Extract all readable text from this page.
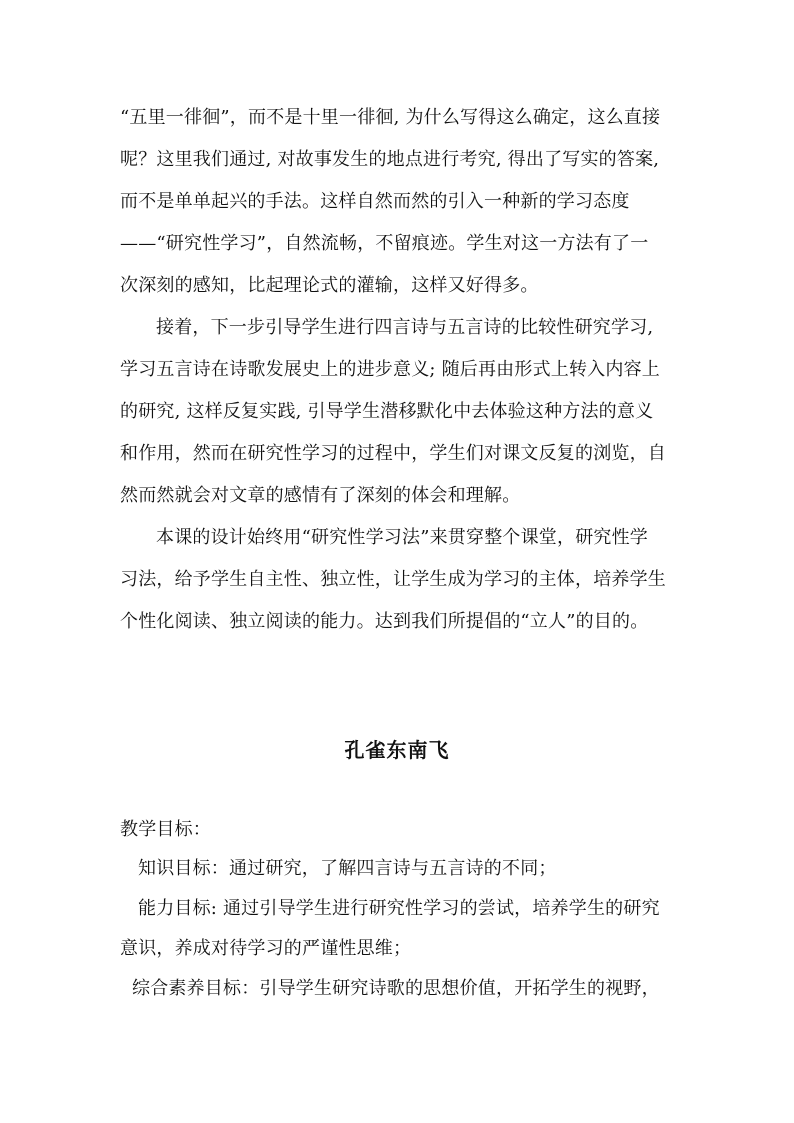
“五里一徘徊”，而不是十里一徘徊, 为什么写得这么确定，这么直接
呢？这里我们通过, 对故事发生的地点进行考究, 得出了写实的答案,
而不是单单起兴的手法。这样自然而然的引入一种新的学习态度
——“研究性学习”，自然流畅，不留痕迹。学生对这一方法有了一
次深刻的感知，比起理论式的灌输，这样又好得多。
接着，下一步引导学生进行四言诗与五言诗的比较性研究学习,
学习五言诗在诗歌发展史上的进步意义; 随后再由形式上转入内容上
的研究, 这样反复实践, 引导学生潜移默化中去体验这种方法的意义
和作用，然而在研究性学习的过程中，学生们对课文反复的浏览，自
然而然就会对文章的感情有了深刻的体会和理解。
本课的设计始终用“研究性学习法”来贯穿整个课堂，研究性学
习法，给予学生自主性、独立性，让学生成为学习的主体，培养学生
个性化阅读、独立阅读的能力。达到我们所提倡的“立人”的目的。
孔雀东南飞
教学目标：
知识目标：通过研究，了解四言诗与五言诗的不同；
能力目标: 通过引导学生进行研究性学习的尝试，培养学生的研究
意识，养成对待学习的严谨性思维；
综合素养目标：引导学生研究诗歌的思想价值，开拓学生的视野，
